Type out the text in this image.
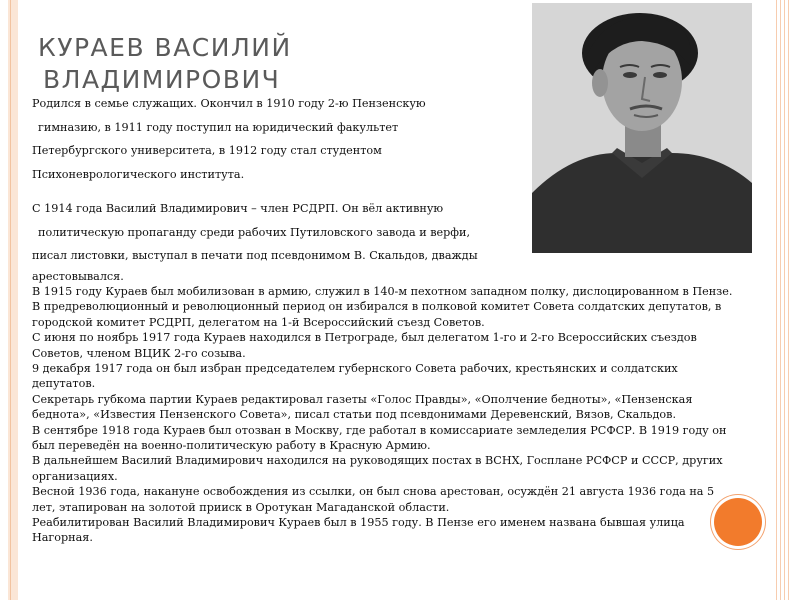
КУРАЕВ ВАСИЛИЙ
ВЛАДИМИРОВИЧ
Родился в семье служащих. Окончил в 1910 году 2-ю Пензенскую
гимназию, в 1911 году поступил на юридический факультет
Петербургского университета, в 1912 году стал студентом
Психоневрологического института.
С 1914 года Василий Владимирович – член РСДРП. Он вёл активную
политическую пропаганду среди рабочих Путиловского завода и верфи,
писал листовки, выступал в печати под псевдонимом В. Скальдов, дважды
арестовывался.
В 1915 году Кураев был мобилизован в армию, служил в 140-м пехотном западном полку, дислоцированном в Пензе. В предреволюционный и революционный период он избирался в полковой комитет Совета солдатских депутатов, в городской комитет РСДРП, делегатом на 1-й Всероссийский съезд Советов.
С июня по ноябрь 1917 года Кураев находился в Петрограде, был делегатом 1-го и 2-го Всероссийских съездов Советов, членом ВЦИК 2-го созыва.
9 декабря 1917 года он был избран председателем губернского Совета рабочих, крестьянских и солдатских депутатов.
Секретарь губкома партии Кураев редактировал газеты «Голос Правды», «Ополчение бедноты», «Пензенская беднота», «Известия Пензенского Совета», писал статьи под псевдонимами Деревенский, Вязов, Скальдов.
В сентябре 1918 года Кураев был отозван в Москву, где работал в комиссариате земледелия РСФСР. В 1919 году он был переведён на военно-политическую работу в Красную Армию.
В дальнейшем Василий Владимирович находился на руководящих постах в ВСНХ, Госплане РСФСР и СССР, других организациях.
Весной 1936 года, накануне освобождения из ссылки, он был снова арестован, осуждён 21 августа 1936 года на 5 лет, этапирован на золотой прииск в Оротукан Магаданской области.
Реабилитирован Василий Владимирович Кураев был в 1955 году. В Пензе его именем названа бывшая улица Нагорная.
